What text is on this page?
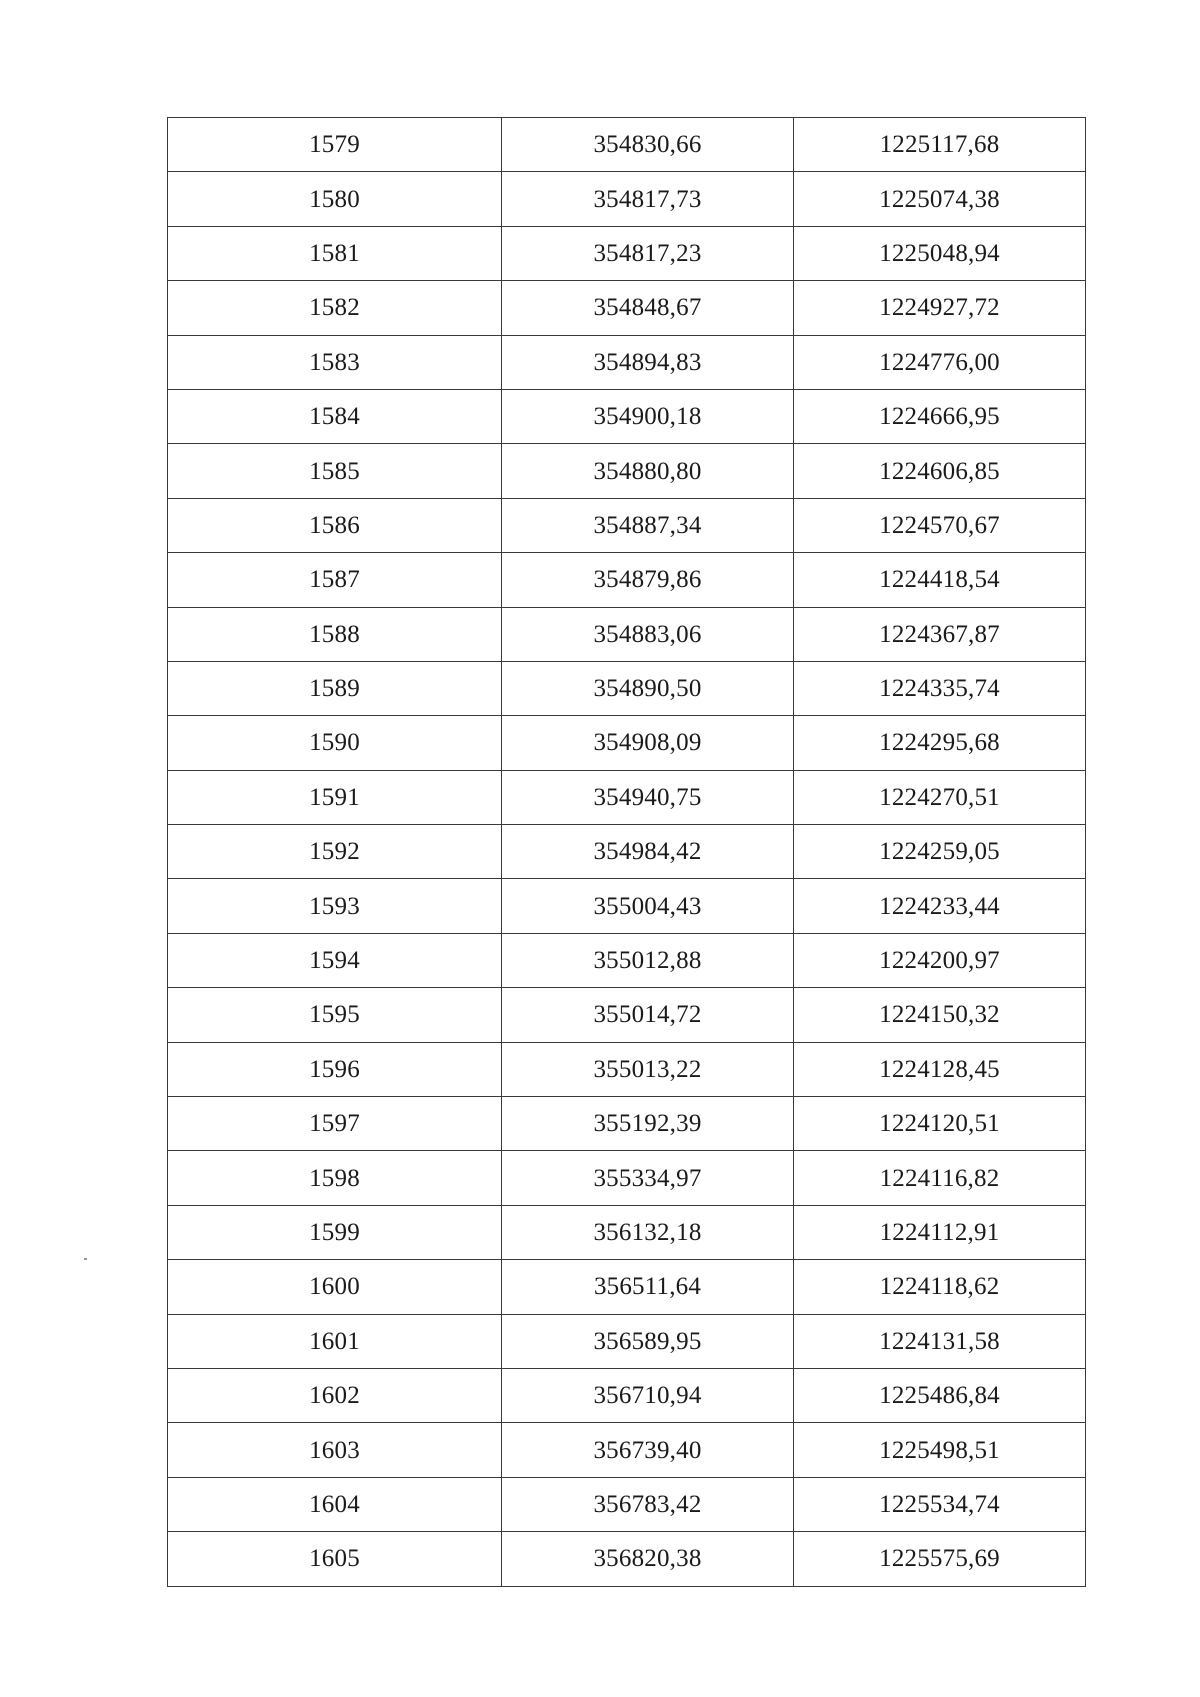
1579	354830,66	1225117,68
1580	354817,73	1225074,38
1581	354817,23	1225048,94
1582	354848,67	1224927,72
1583	354894,83	1224776,00
1584	354900,18	1224666,95
1585	354880,80	1224606,85
1586	354887,34	1224570,67
1587	354879,86	1224418,54
1588	354883,06	1224367,87
1589	354890,50	1224335,74
1590	354908,09	1224295,68
1591	354940,75	1224270,51
1592	354984,42	1224259,05
1593	355004,43	1224233,44
1594	355012,88	1224200,97
1595	355014,72	1224150,32
1596	355013,22	1224128,45
1597	355192,39	1224120,51
1598	355334,97	1224116,82
1599	356132,18	1224112,91
1600	356511,64	1224118,62
1601	356589,95	1224131,58
1602	356710,94	1225486,84
1603	356739,40	1225498,51
1604	356783,42	1225534,74
1605	356820,38	1225575,69
